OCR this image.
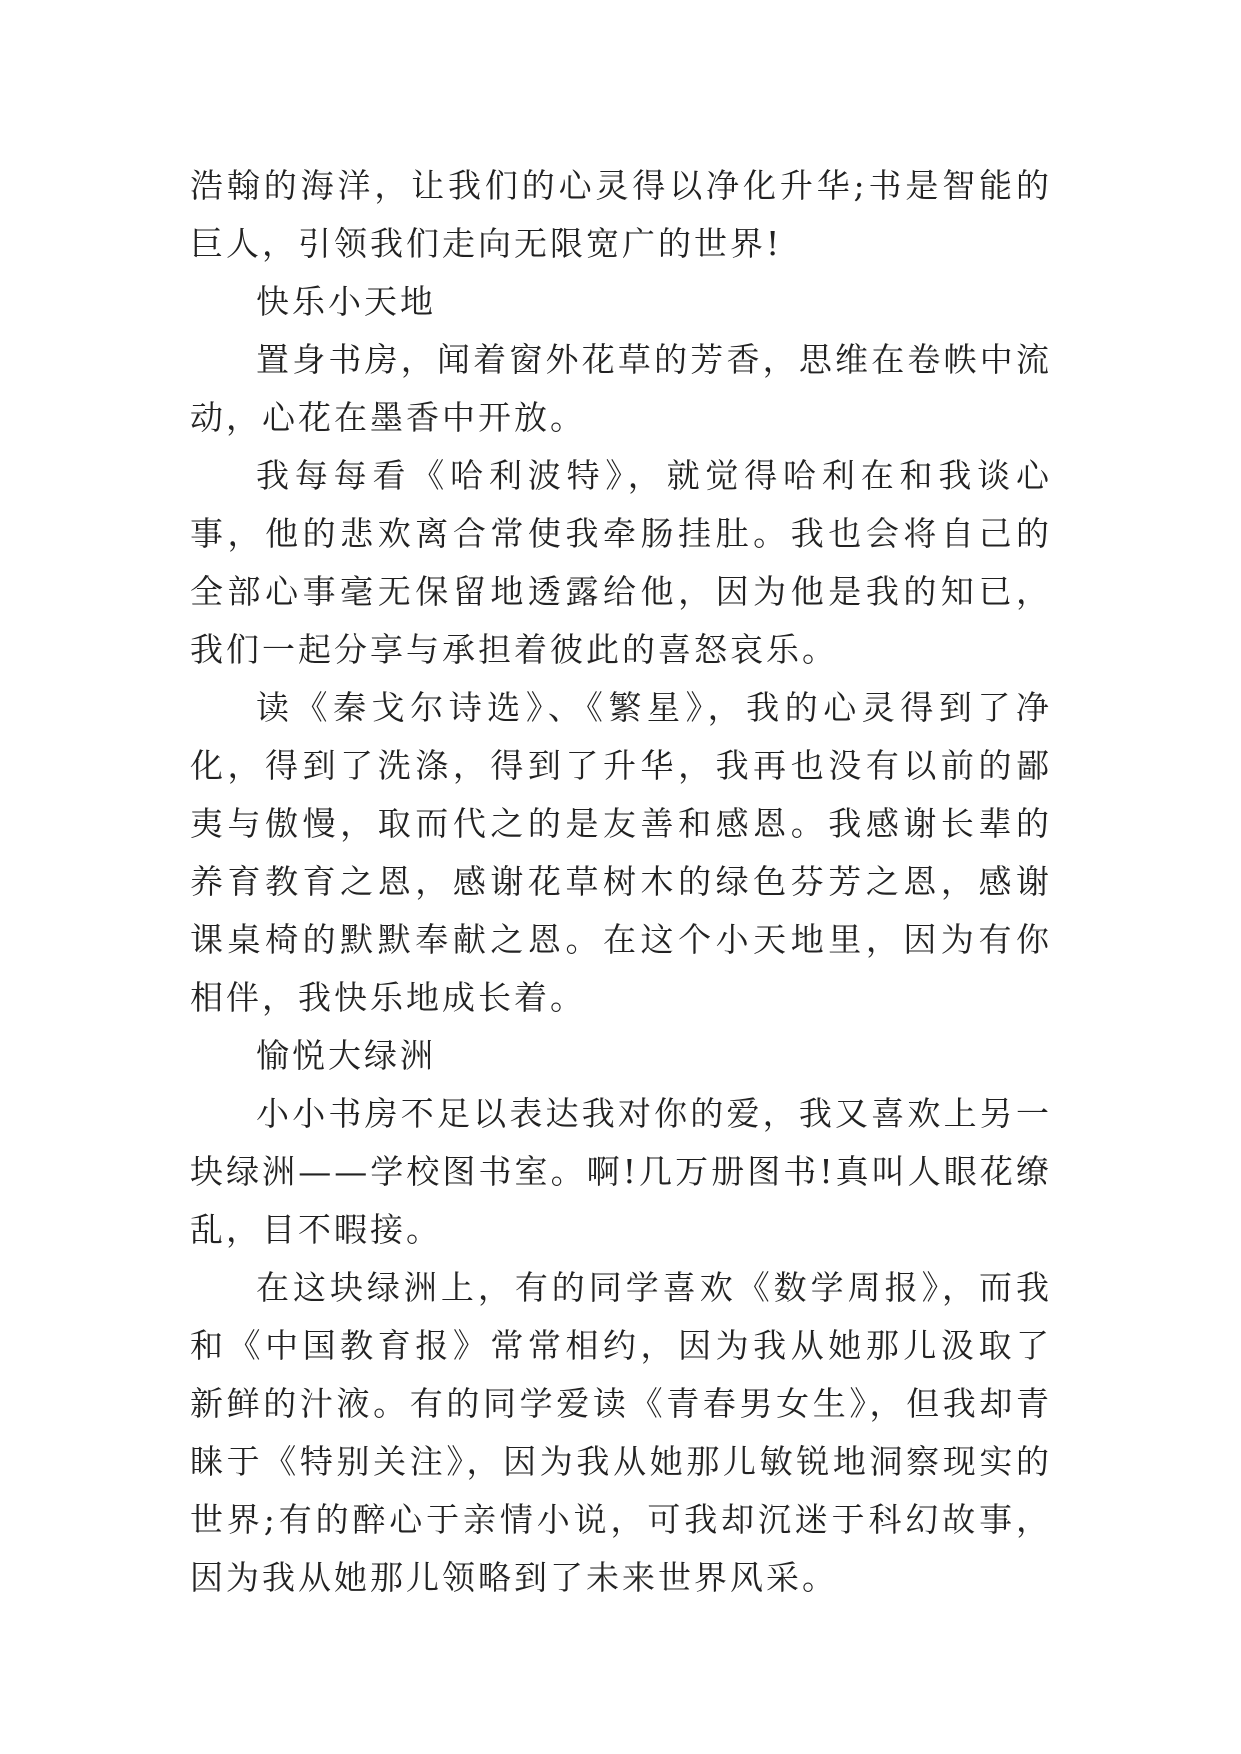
浩翰的海洋，让我们的心灵得以净化升华;书是智能的巨人，引领我们走向无限宽广的世界!

快乐小天地

置身书房，闻着窗外花草的芳香，思维在卷帙中流动，心花在墨香中开放。

我每每看《哈利波特》，就觉得哈利在和我谈心事，他的悲欢离合常使我牵肠挂肚。我也会将自己的全部心事毫无保留地透露给他，因为他是我的知已，我们一起分享与承担着彼此的喜怒哀乐。

读《秦戈尔诗选》、《繁星》，我的心灵得到了净化，得到了洗涤，得到了升华，我再也没有以前的鄙夷与傲慢，取而代之的是友善和感恩。我感谢长辈的养育教育之恩，感谢花草树木的绿色芬芳之恩，感谢课桌椅的默默奉献之恩。在这个小天地里，因为有你相伴，我快乐地成长着。

愉悦大绿洲

小小书房不足以表达我对你的爱，我又喜欢上另一块绿洲——学校图书室。啊!几万册图书!真叫人眼花缭乱，目不暇接。

在这块绿洲上，有的同学喜欢《数学周报》，而我和《中国教育报》常常相约，因为我从她那儿汲取了新鲜的汁液。有的同学爱读《青春男女生》，但我却青睐于《特别关注》，因为我从她那儿敏锐地洞察现实的世界;有的醉心于亲情小说，可我却沉迷于科幻故事，因为我从她那儿领略到了未来世界风采。
